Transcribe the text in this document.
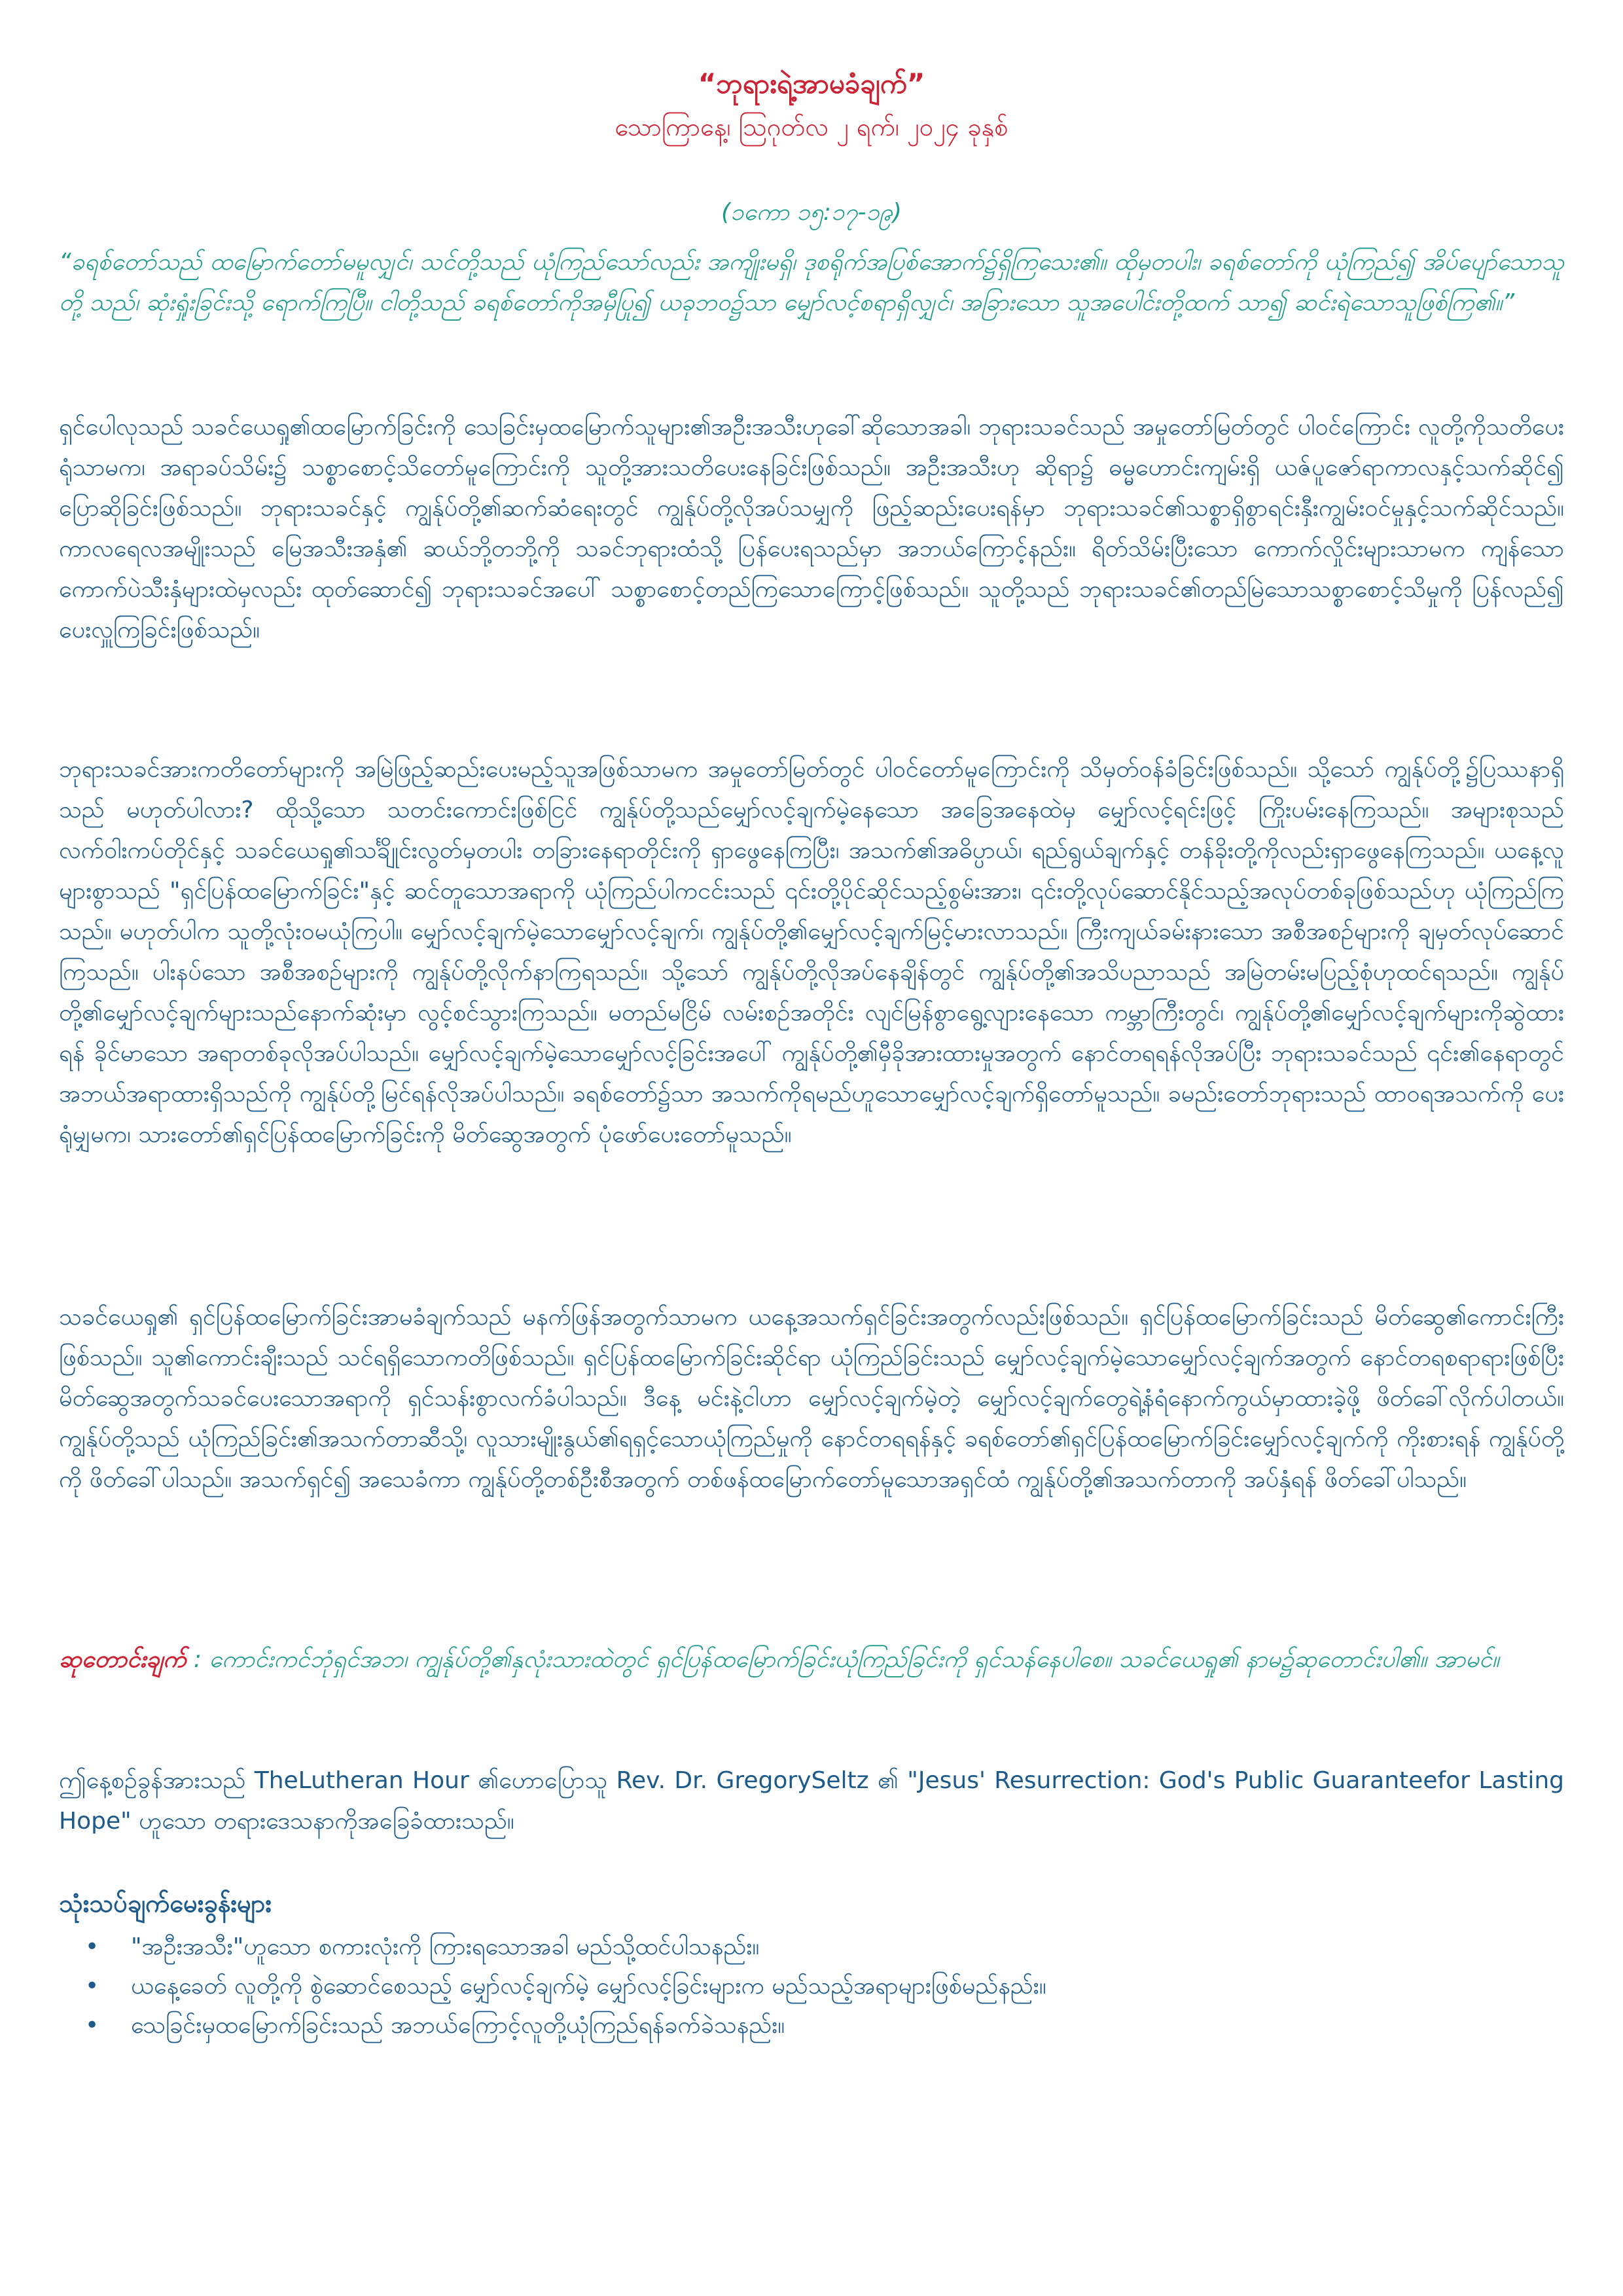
“ဘုရားရဲ့အာမခံချက်”
သောကြာနေ့၊ ဩဂုတ်လ ၂ ရက်၊ ၂၀၂၄ ခုနှစ်
(၁ကော ၁၅:၁၇-၁၉)

“ခရစ်တော်သည် ထမြောက်တော်မမူလျှင်၊ သင်တို့သည် ယုံကြည်သော်လည်း အကျိုးမရှိ၊ ဒုစရိုက်အပြစ်အောက်၌ရှိကြသေး၏။ ထိုမှတပါး၊ ခရစ်တော်ကို ယုံကြည်၍ အိပ်ပျော်သောသူတို့ သည်၊ ဆုံးရှုံးခြင်းသို့ ရောက်ကြပြီ။ ငါတို့သည် ခရစ်တော်ကိုအမှီပြု၍ ယခုဘဝ၌သာ မျှော်လင့်စရာရှိလျှင်၊ အခြားသော သူအပေါင်းတို့ထက် သာ၍ ဆင်းရဲသောသူဖြစ်ကြ၏။”

ရှင်ပေါလုသည် သခင်ယေရှု၏ထမြောက်ခြင်းကို သေခြင်းမှထမြောက်သူများ၏အဦးအသီးဟုခေါ်ဆိုသောအခါ၊ ဘုရားသခင်သည် အမှုတော်မြတ်တွင် ပါဝင်ကြောင်း လူတို့ကိုသတိပေးရုံသာမက၊ အရာခပ်သိမ်း၌ သစ္စာစောင့်သိတော်မူကြောင်းကို သူတို့အားသတိပေးနေခြင်းဖြစ်သည်။ အဦးအသီးဟု ဆိုရာ၌ ဓမ္မဟောင်းကျမ်းရှိ ယဇ်ပူဇော်ရာကာလနှင့်သက်ဆိုင်၍ ပြောဆိုခြင်းဖြစ်သည်။ ဘုရားသခင်နှင့် ကျွန်ုပ်တို့၏ဆက်ဆံရေးတွင် ကျွန်ုပ်တို့လိုအပ်သမျှကို ဖြည့်ဆည်းပေးရန်မှာ ဘုရားသခင်၏သစ္စာရှိစွာရင်းနှီးကျွမ်းဝင်မှုနှင့်သက်ဆိုင်သည်။ ကာလရေလအမျိုးသည် မြေအသီးအနှံ၏ ဆယ်ဘို့တဘို့ကို သခင်ဘုရားထံသို့ ပြန်ပေးရသည်မှာ အဘယ်ကြောင့်နည်း။ ရိတ်သိမ်းပြီးသော ကောက်လှိုင်းများသာမက ကျန်သောကောက်ပဲသီးနှံများထဲမှလည်း ထုတ်ဆောင်၍ ဘုရားသခင်အပေါ် သစ္စာစောင့်တည်ကြသောကြောင့်ဖြစ်သည်။ သူတို့သည် ဘုရားသခင်၏တည်မြဲသောသစ္စာစောင့်သိမှုကို ပြန်လည်၍ ပေးလှူကြခြင်းဖြစ်သည်။

ဘုရားသခင်အားကတိတော်များကို အမြဲဖြည့်ဆည်းပေးမည့်သူအဖြစ်သာမက အမှုတော်မြတ်တွင် ပါဝင်တော်မူကြောင်းကို သိမှတ်ဝန်ခံခြင်းဖြစ်သည်။ သို့သော် ကျွန်ုပ်တို့၌ပြဿနာရှိသည် မဟုတ်ပါလား? ထိုသို့သော သတင်းကောင်းဖြစ်ငြင် ကျွန်ုပ်တို့သည်မျှော်လင့်ချက်မဲ့နေသော အခြေအနေထဲမှ မျှော်လင့်ရင်းဖြင့် ကြိုးပမ်းနေကြသည်။ အများစုသည် လက်ဝါးကပ်တိုင်နှင့် သခင်ယေရှု၏သင်္ချိုင်းလွတ်မှတပါး တခြားနေရာတိုင်းကို ရှာဖွေနေကြပြီး၊ အသက်၏အဓိပ္ပာယ်၊ ရည်ရွယ်ချက်နှင့် တန်ခိုးတို့ကိုလည်းရှာဖွေနေကြသည်။ ယနေ့လူများစွာသည် "ရှင်ပြန်ထမြောက်ခြင်း"နှင့် ဆင်တူသောအရာကို ယုံကြည်ပါကငင်းသည် ၎င်းတို့ပိုင်ဆိုင်သည့်စွမ်းအား၊ ၎င်းတို့လုပ်ဆောင်နိုင်သည့်အလုပ်တစ်ခုဖြစ်သည်ဟု ယုံကြည်ကြသည်။ မဟုတ်ပါက သူတို့လုံးဝမယုံကြပါ။ မျှော်လင့်ချက်မဲ့သောမျှော်လင့်ချက်၊ ကျွန်ုပ်တို့၏မျှော်လင့်ချက်မြင့်မားလာသည်။ ကြီးကျယ်ခမ်းနားသော အစီအစဉ်များကို ချမှတ်လုပ်ဆောင်ကြသည်။ ပါးနပ်သော အစီအစဉ်များကို ကျွန်ုပ်တို့လိုက်နာကြရသည်။ သို့သော် ကျွန်ုပ်တို့လိုအပ်နေချိန်တွင် ကျွန်ုပ်တို့၏အသိပညာသည် အမြဲတမ်းမပြည့်စုံဟုထင်ရသည်။ ကျွန်ုပ်တို့၏မျှော်လင့်ချက်များသည်နောက်ဆုံးမှာ လွင့်စင်သွားကြသည်။ မတည်မငြိမ် လမ်းစဉ်အတိုင်း လျင်မြန်စွာရွေ့လျားနေသော ကမ္ဘာကြီးတွင်၊ ကျွန်ုပ်တို့၏မျှော်လင့်ချက်များကိုဆွဲထားရန် ခိုင်မာသော အရာတစ်ခုလိုအပ်ပါသည်။ မျှော်လင့်ချက်မဲ့သောမျှော်လင့်ခြင်းအပေါ် ကျွန်ုပ်တို့၏မှီခိုအားထားမှုအတွက် နောင်တရရန်လိုအပ်ပြီး ဘုရားသခင်သည် ၎င်း၏နေရာတွင် အဘယ်အရာထားရှိသည်ကို ကျွန်ုပ်တို့မြင်ရန်လိုအပ်ပါသည်။ ခရစ်တော်၌သာ အသက်ကိုရမည်ဟူသောမျှော်လင့်ချက်ရှိတော်မူသည်။ ခမည်းတော်ဘုရားသည် ထာဝရအသက်ကို ပေးရုံမျှမက၊ သားတော်၏ရှင်ပြန်ထမြောက်ခြင်းကို မိတ်ဆွေအတွက် ပုံဖော်ပေးတော်မူသည်။

သခင်ယေရှု၏ ရှင်ပြန်ထမြောက်ခြင်းအာမခံချက်သည် မနက်ဖြန်အတွက်သာမက ယနေ့အသက်ရှင်ခြင်းအတွက်လည်းဖြစ်သည်။ ရှင်ပြန်ထမြောက်ခြင်းသည် မိတ်ဆွေ၏ကောင်းကြီးဖြစ်သည်။ သူ၏ကောင်းချီးသည် သင်ရရှိသောကတိဖြစ်သည်။ ရှင်ပြန်ထမြောက်ခြင်းဆိုင်ရာ ယုံကြည်ခြင်းသည် မျှော်လင့်ချက်မဲ့သောမျှော်လင့်ချက်အတွက် နောင်တရစရာရားဖြစ်ပြီး မိတ်ဆွေအတွက်သခင်ပေးသောအရာကို ရှင်သန်းစွာလက်ခံပါသည်။ ဒီနေ့ မင်းနဲ့ငါဟာ မျှော်လင့်ချက်မဲ့တဲ့ မျှော်လင့်ချက်တွေရဲ့နံရံနောက်ကွယ်မှာထားခဲ့ဖို့ ဖိတ်ခေါ်လိုက်ပါတယ်။ ကျွန်ုပ်တို့သည် ယုံကြည်ခြင်း၏အသက်တာဆီသို့၊ လူသားမျိုးနွယ်၏ရရှင့်သောယုံကြည်မှုကို နောင်တရရန်နှင့် ခရစ်တော်၏ရှင်ပြန်ထမြောက်ခြင်းမျှော်လင့်ချက်ကို ကိုးစားရန် ကျွန်ုပ်တို့ကို ဖိတ်ခေါ်ပါသည်။ အသက်ရှင်၍ အသေခံကာ ကျွန်ုပ်တို့တစ်ဦးစီအတွက် တစ်ဖန်ထမြောက်တော်မူသောအရှင်ထံ ကျွန်ုပ်တို့၏အသက်တာကို အပ်နှံရန် ဖိတ်ခေါ်ပါသည်။

ဆုတောင်းချက် : ကောင်းကင်ဘုံရှင်အဘ၊ ကျွန်ုပ်တို့၏နှလုံးသားထဲတွင် ရှင်ပြန်ထမြောက်ခြင်းယုံကြည်ခြင်းကို ရှင်သန်နေပါစေ။ သခင်ယေရှု၏ နာမ၌ဆုတောင်းပါ၏။ အာမင်။

ဤနေ့စဉ်ခွန်အားသည် TheLutheran Hour ၏ဟောပြောသူ Rev. Dr. GregorySeltz ၏ "Jesus' Resurrection: God's Public Guaranteefor Lasting Hope" ဟူသော တရားဒေသနာကိုအခြေခံထားသည်။

သုံးသပ်ချက်မေးခွန်းများ
• "အဦးအသီး"ဟူသော စကားလုံးကို ကြားရသောအခါ မည်သို့ထင်ပါသနည်း။
• ယနေ့ခေတ် လူတို့ကို စွဲဆောင်စေသည့် မျှော်လင့်ချက်မဲ့ မျှော်လင့်ခြင်းများက မည်သည့်အရာများဖြစ်မည်နည်း။
• သေခြင်းမှထမြောက်ခြင်းသည် အဘယ်ကြောင့်လူတို့ယုံကြည်ရန်ခက်ခဲသနည်း။
